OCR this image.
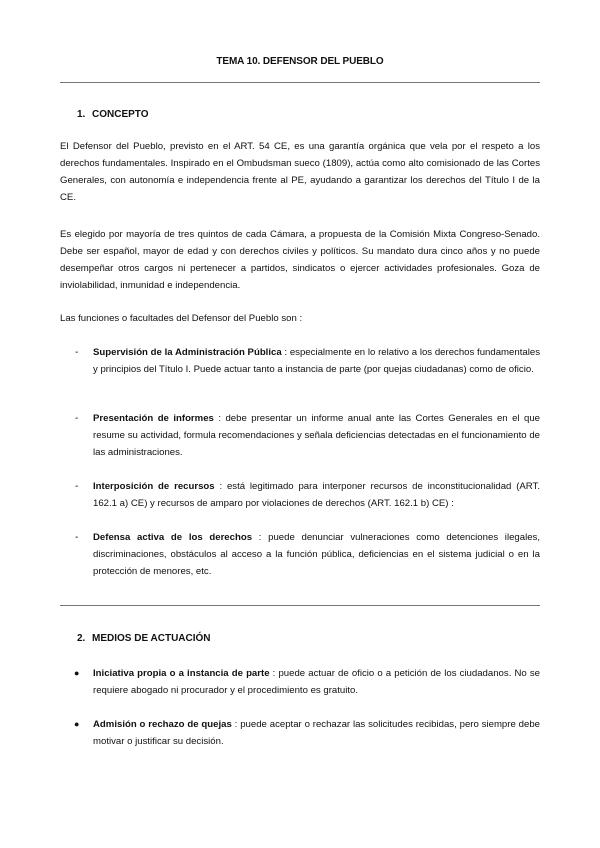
TEMA 10. DEFENSOR DEL PUEBLO
1. CONCEPTO
El Defensor del Pueblo, previsto en el ART. 54 CE, es una garantía orgánica que vela por el respeto a los derechos fundamentales. Inspirado en el Ombudsman sueco (1809), actúa como alto comisionado de las Cortes Generales, con autonomía e independencia frente al PE, ayudando a garantizar los derechos del Título I de la CE.
Es elegido por mayoría de tres quintos de cada Cámara, a propuesta de la Comisión Mixta Congreso-Senado. Debe ser español, mayor de edad y con derechos civiles y políticos. Su mandato dura cinco años y no puede desempeñar otros cargos ni pertenecer a partidos, sindicatos o ejercer actividades profesionales. Goza de inviolabilidad, inmunidad e independencia.
Las funciones o facultades del Defensor del Pueblo son :
- Supervisión de la Administración Pública : especialmente en lo relativo a los derechos fundamentales y principios del Título I. Puede actuar tanto a instancia de parte (por quejas ciudadanas) como de oficio.
- Presentación de informes : debe presentar un informe anual ante las Cortes Generales en el que resume su actividad, formula recomendaciones y señala deficiencias detectadas en el funcionamiento de las administraciones.
- Interposición de recursos : está legitimado para interponer recursos de inconstitucionalidad (ART. 162.1 a) CE) y recursos de amparo por violaciones de derechos (ART. 162.1 b) CE) :
- Defensa activa de los derechos : puede denunciar vulneraciones como detenciones ilegales, discriminaciones, obstáculos al acceso a la función pública, deficiencias en el sistema judicial o en la protección de menores, etc.
2. MEDIOS DE ACTUACIÓN
● Iniciativa propia o a instancia de parte : puede actuar de oficio o a petición de los ciudadanos. No se requiere abogado ni procurador y el procedimiento es gratuito.
● Admisión o rechazo de quejas : puede aceptar o rechazar las solicitudes recibidas, pero siempre debe motivar o justificar su decisión.
